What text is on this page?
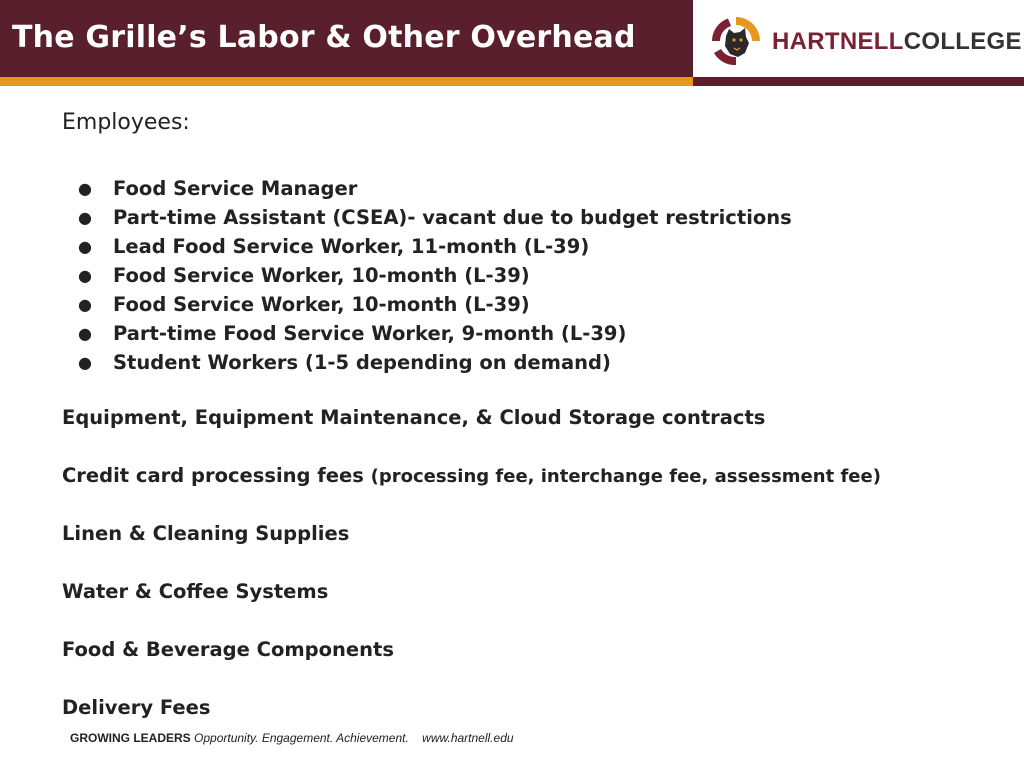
The Grille’s Labor & Other Overhead	HARTNELLCOLLEGE
Employees:
● Food Service Manager
● Part-time Assistant (CSEA)- vacant due to budget restrictions
● Lead Food Service Worker, 11-month (L-39)
● Food Service Worker, 10-month (L-39)
● Food Service Worker, 10-month (L-39)
● Part-time Food Service Worker, 9-month (L-39)
● Student Workers (1-5 depending on demand)
Equipment, Equipment Maintenance, & Cloud Storage contracts
Credit card processing fees (processing fee, interchange fee, assessment fee)
Linen & Cleaning Supplies
Water & Coffee Systems
Food & Beverage Components
Delivery Fees
GROWING LEADERS Opportunity. Engagement. Achievement. www.hartnell.edu
